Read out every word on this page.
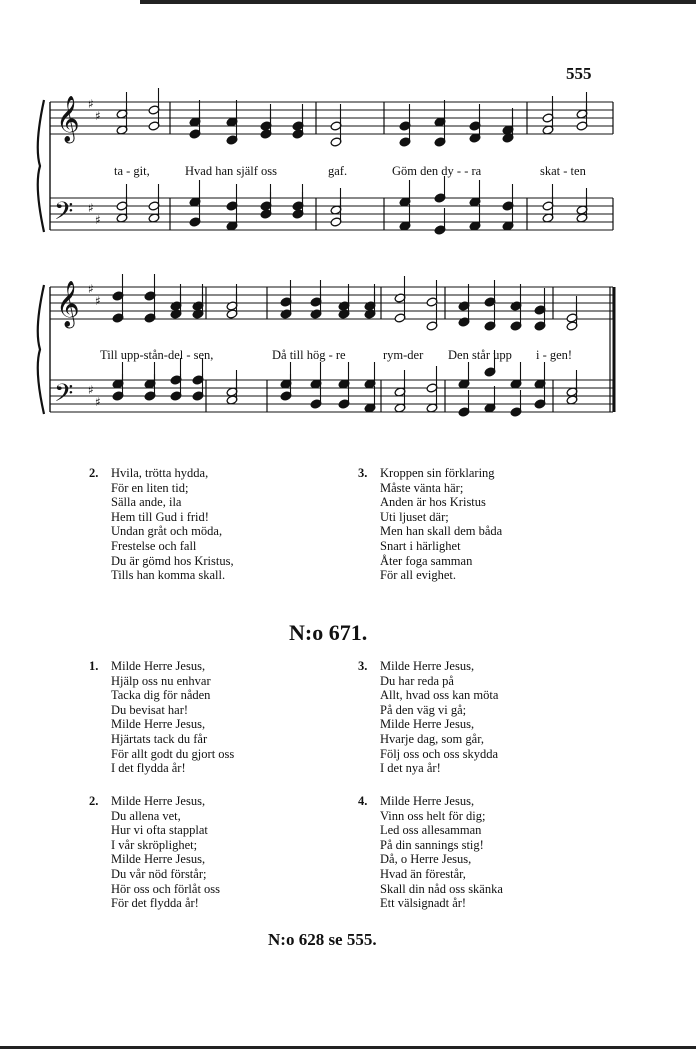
555
𝄞
𝄢
♯
♯
♯
♯
𝄞
𝄢
♯
♯
♯
♯
ta - git,	Hvad han själf oss	gaf.	Göm den dy - - ra	skat - ten
Till upp-stån-del - sen,	Då till hög - re	rym-der Den står upp i - gen!
2. Hvila, trötta hydda,
För en liten tid;
Sälla ande, ila
Hem till Gud i frid!
Undan gråt och möda,
Frestelse och fall
Du är gömd hos Kristus,
Tills han komma skall.
3. Kroppen sin förklaring
Måste vänta här;
Anden är hos Kristus
Uti ljuset där;
Men han skall dem båda
Snart i härlighet
Åter foga samman
För all evighet.
N:o 671.
1. Milde Herre Jesus,
Hjälp oss nu enhvar
Tacka dig för nåden
Du bevisat har!
Milde Herre Jesus,
Hjärtats tack du får
För allt godt du gjort oss
I det flydda år!
3. Milde Herre Jesus,
Du har reda på
Allt, hvad oss kan möta
På den väg vi gå;
Milde Herre Jesus,
Hvarje dag, som går,
Följ oss och oss skydda
I det nya år!
2. Milde Herre Jesus,
Du allena vet,
Hur vi ofta stapplat
I vår skröplighet;
Milde Herre Jesus,
Du vår nöd förstår;
Hör oss och förlåt oss
För det flydda år!
4. Milde Herre Jesus,
Vinn oss helt för dig;
Led oss allesamman
På din sannings stig!
Då, o Herre Jesus,
Hvad än förestår,
Skall din nåd oss skänka
Ett välsignadt år!
N:o 628 se 555.
